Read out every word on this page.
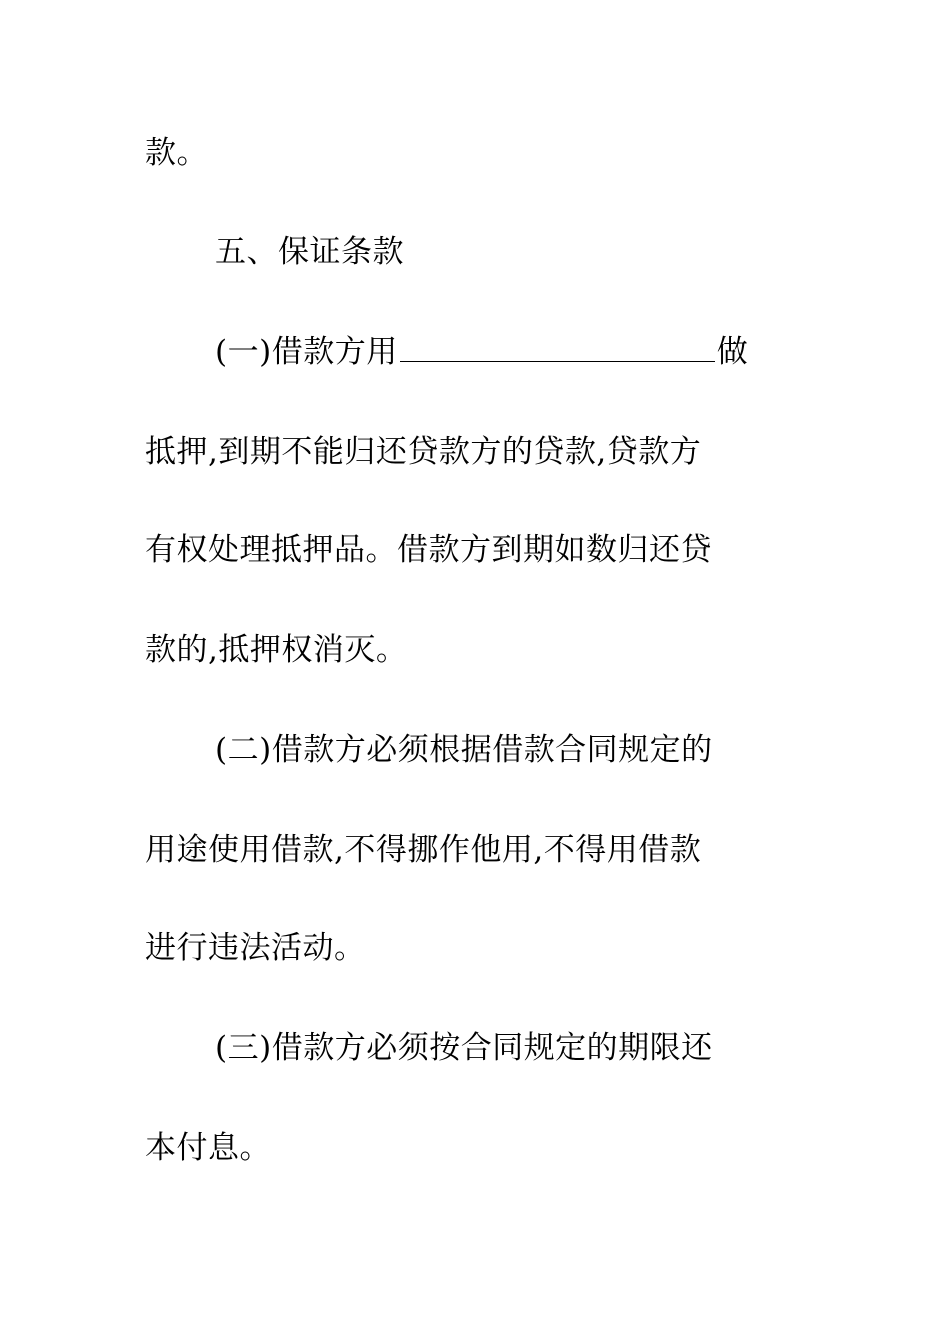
款。
五、保证条款
(一)借款方用	做
抵押,到期不能归还贷款方的贷款,贷款方
有权处理抵押品。借款方到期如数归还贷
款的,抵押权消灭。
(二)借款方必须根据借款合同规定的
用途使用借款,不得挪作他用,不得用借款
进行违法活动。
(三)借款方必须按合同规定的期限还
本付息。
